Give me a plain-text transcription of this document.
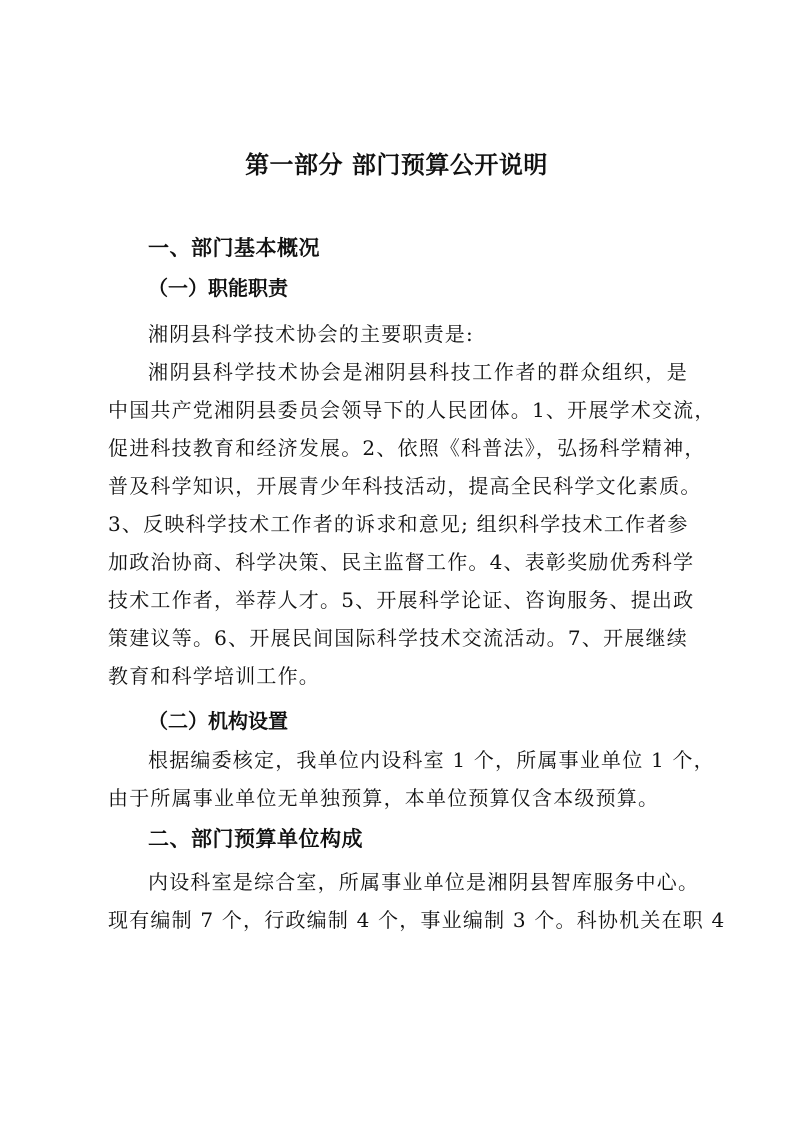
第一部分 部门预算公开说明
一、部门基本概况
（一）职能职责
湘阴县科学技术协会的主要职责是:
湘阴县科学技术协会是湘阴县科技工作者的群众组织，是
中国共产党湘阴县委员会领导下的人民团体。1、开展学术交流，
促进科技教育和经济发展。2、依照《科普法》，弘扬科学精神，
普及科学知识，开展青少年科技活动，提高全民科学文化素质。
3、反映科学技术工作者的诉求和意见; 组织科学技术工作者参
加政治协商、科学决策、民主监督工作。4、表彰奖励优秀科学
技术工作者，举荐人才。5、开展科学论证、咨询服务、提出政
策建议等。6、开展民间国际科学技术交流活动。7、开展继续
教育和科学培训工作。
（二）机构设置
根据编委核定，我单位内设科室 1 个，所属事业单位 1 个，
由于所属事业单位无单独预算，本单位预算仅含本级预算。
二、部门预算单位构成
内设科室是综合室，所属事业单位是湘阴县智库服务中心。
现有编制 7 个，行政编制 4 个，事业编制 3 个。科协机关在职 4
